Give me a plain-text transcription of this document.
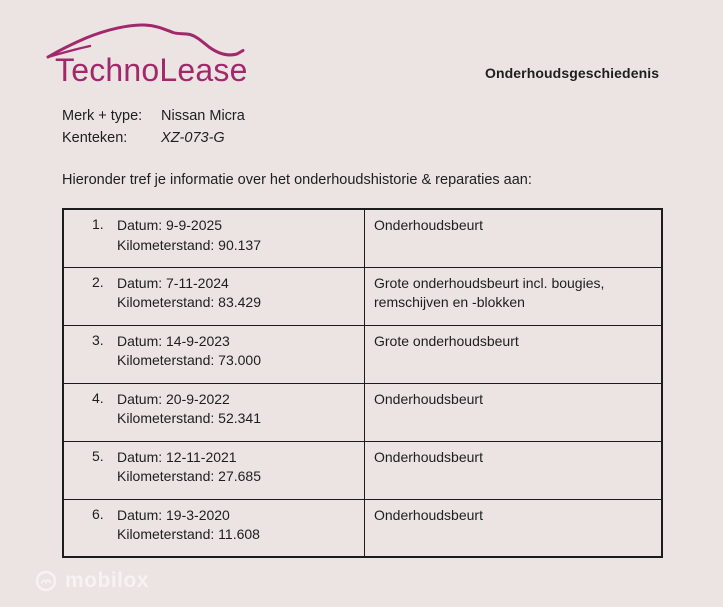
TechnoLease	Onderhoudsgeschiedenis
Merk + type: Nissan Micra
Kenteken: XZ-073-G
Hieronder tref je informatie over het onderhoudshistorie & reparaties aan:
1. Datum: 9-9-2025
Kilometerstand: 90.137	Onderhoudsbeurt

2. Datum: 7-11-2024
Kilometerstand: 83.429	Grote onderhoudsbeurt incl. bougies, remschijven en -blokken

3. Datum: 14-9-2023
Kilometerstand: 73.000	Grote onderhoudsbeurt

4. Datum: 20-9-2022
Kilometerstand: 52.341	Onderhoudsbeurt

5. Datum: 12-11-2021
Kilometerstand: 27.685	Onderhoudsbeurt

6. Datum: 19-3-2020
Kilometerstand: 11.608	Onderhoudsbeurt
mobilox
